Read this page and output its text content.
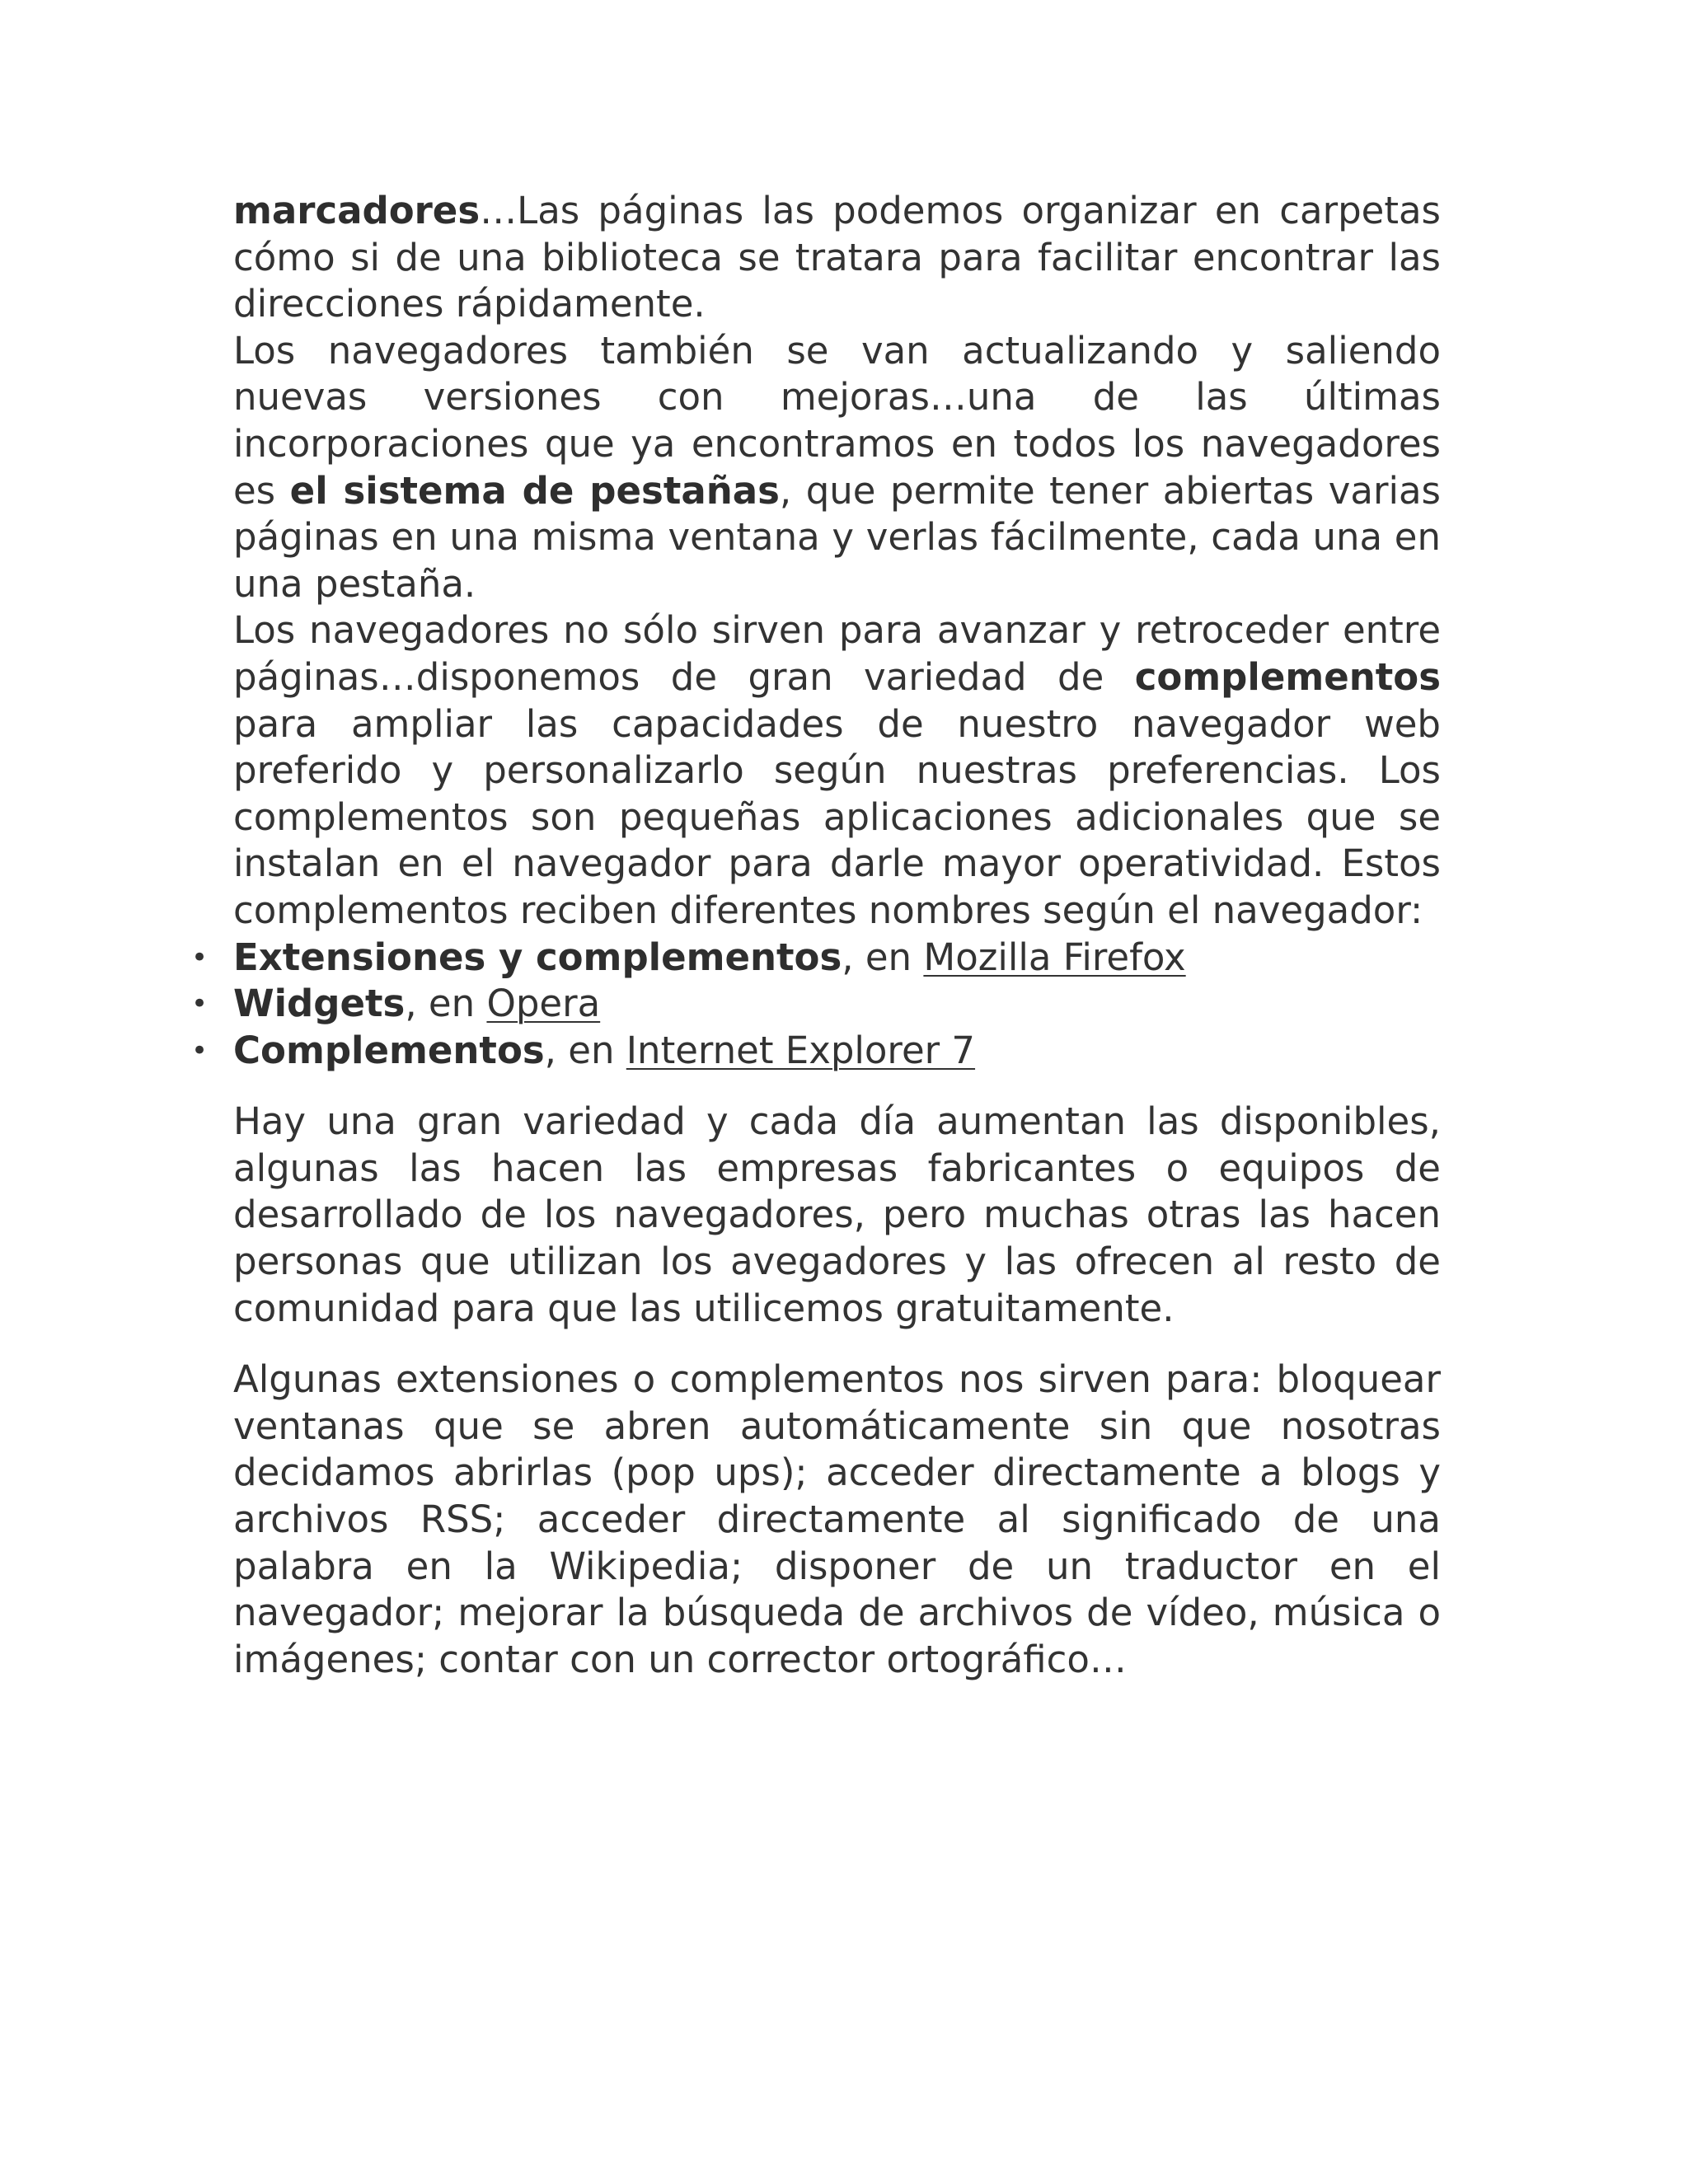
marcadores…Las páginas las podemos organizar en carpetas cómo si de una biblioteca se tratara para facilitar encontrar las direcciones rápidamente.

Los navegadores también se van actualizando y saliendo nuevas versiones con mejoras…una de las últimas incorporaciones que ya encontramos en todos los navegadores es el sistema de pestañas, que permite tener abiertas varias páginas en una misma ventana y verlas fácilmente, cada una en una pestaña.

Los navegadores no sólo sirven para avanzar y retroceder entre páginas…disponemos de gran variedad de complementos para ampliar las capacidades de nuestro navegador web preferido y personalizarlo según nuestras preferencias. Los complementos son pequeñas aplicaciones adicionales que se instalan en el navegador para darle mayor operatividad. Estos complementos reciben diferentes nombres según el navegador:

• Extensiones y complementos, en Mozilla Firefox
• Widgets, en Opera
• Complementos, en Internet Explorer 7

Hay una gran variedad y cada día aumentan las disponibles, algunas las hacen las empresas fabricantes o equipos de desarrollado de los navegadores, pero muchas otras las hacen personas que utilizan los avegadores y las ofrecen al resto de comunidad para que las utilicemos gratuitamente.

Algunas extensiones o complementos nos sirven para: bloquear ventanas que se abren automáticamente sin que nosotras decidamos abrirlas (pop ups); acceder directamente a blogs y archivos RSS; acceder directamente al significado de una palabra en la Wikipedia; disponer de un traductor en el navegador; mejorar la búsqueda de archivos de vídeo, música o imágenes; contar con un corrector ortográfico…
